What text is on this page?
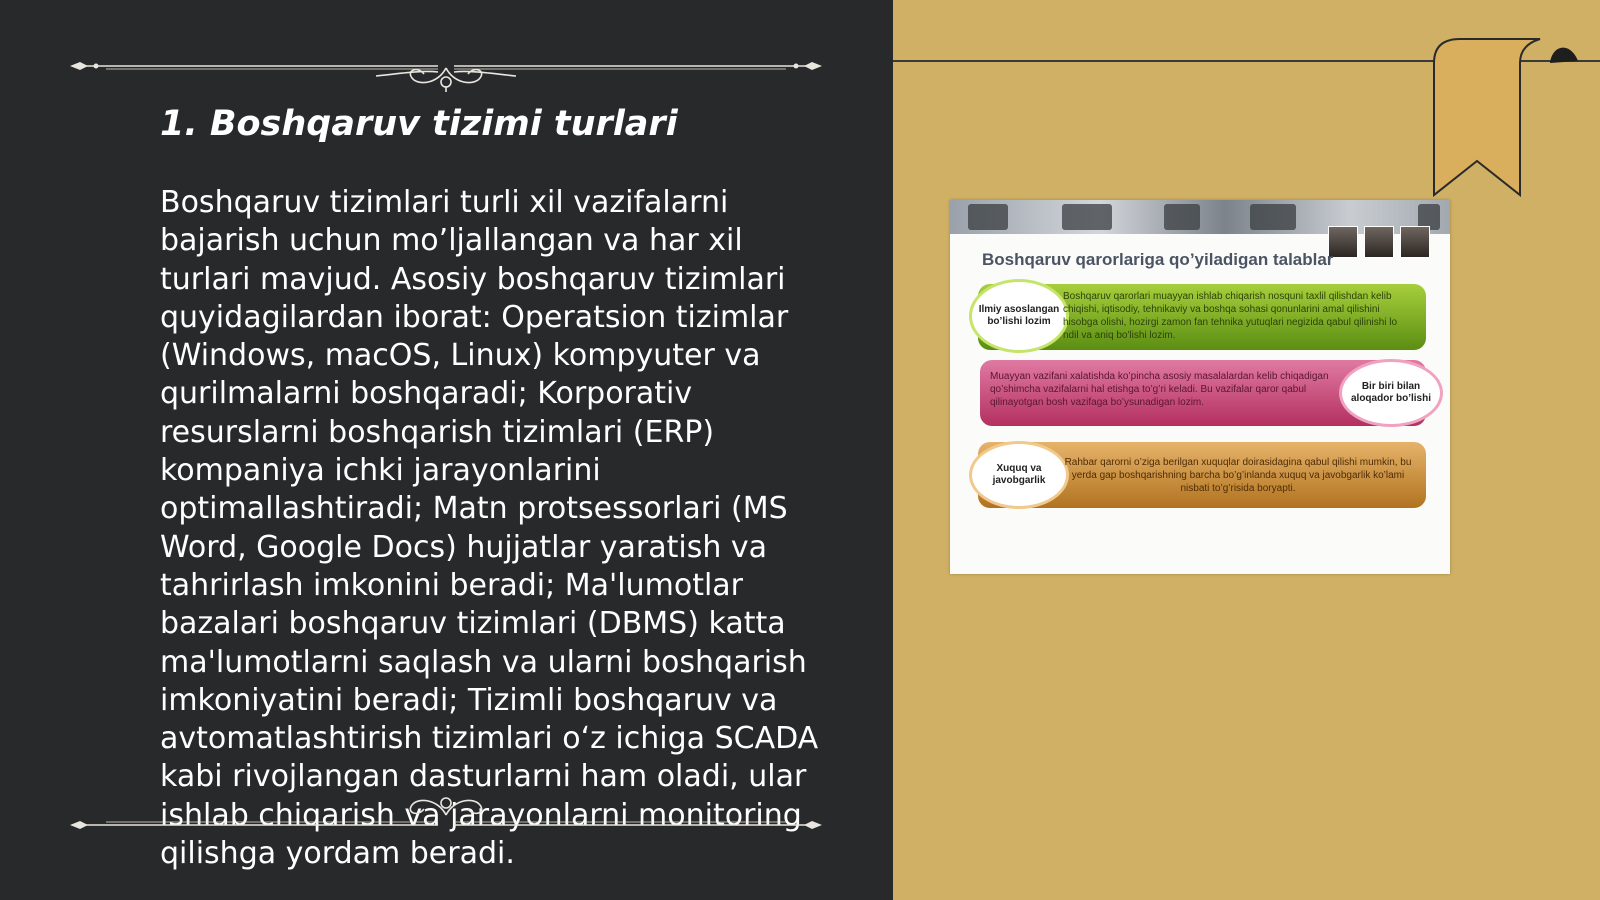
1. Boshqaruv tizimi turlari

Boshqaruv tizimlari turli xil vazifalarni bajarish uchun mo’ljallangan va har xil turlari mavjud. Asosiy boshqaruv tizimlari quyidagilardan iborat: Operatsion tizimlar (Windows, macOS, Linux) kompyuter va qurilmalarni boshqaradi; Korporativ resurslarni boshqarish tizimlari (ERP) kompaniya ichki jarayonlarini optimallashtiradi; Matn protsessorlari (MS Word, Google Docs) hujjatlar yaratish va tahrirlash imkonini beradi; Ma'lumotlar bazalari boshqaruv tizimlari (DBMS) katta ma'lumotlarni saqlash va ularni boshqarish imkoniyatini beradi; Tizimli boshqaruv va avtomatlashtirish tizimlari o‘z ichiga SCADA kabi rivojlangan dasturlarni ham oladi, ular ishlab chiqarish va jarayonlarni monitoring qilishga yordam beradi.

Boshqaruv qarorlariga qo’yiladigan talablar
Ilmiy asoslangan bo’lishi lozim
Boshqaruv qarorlari muayyan ishlab chiqarish nosquni taxlil qilishdan kelib chiqishi, iqtisodiy, tehnikaviy va boshqa sohasi qonunlarini amal qilishini hisobga olishi, hozirgi zamon fan tehnika yutuqlari negizida qabul qilinishi lo ndil va aniq bo'lishi lozim.
Muayyan vazifani xalatishda ko’pincha asosiy masalalardan kelib chiqadigan qo’shimcha vazifalarni hal etishga to’g’ri keladi. Bu vazifalar qaror qabul qilinayotgan bosh vazifaga bo’ysunadigan lozim.
Bir biri bilan aloqador bo’lishi
Xuquq va javobgarlik
Rahbar qarorni o’ziga berilgan xuquqlar doirasidagina qabul qilishi mumkin, bu yerda gap boshqarishning barcha bo’g’inlanda xuquq va javobgarlik ko’lami nisbati to’g’risida boryapti.
